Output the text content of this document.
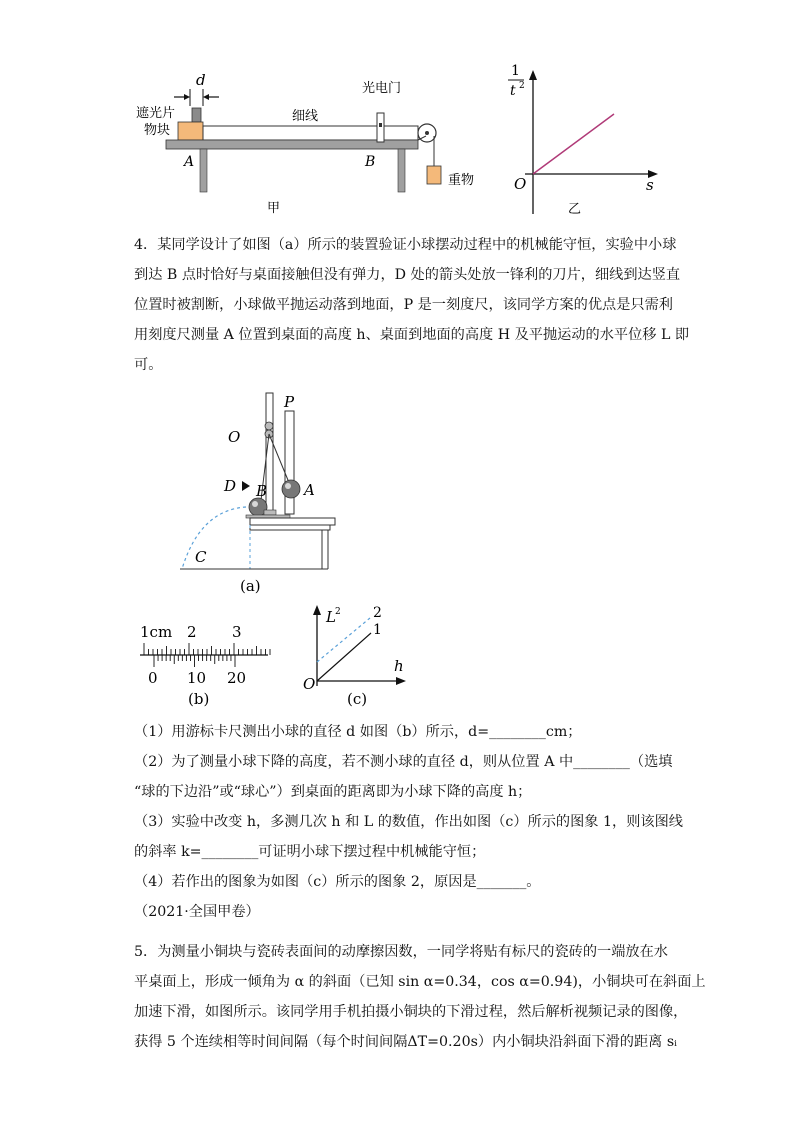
d
遮光片
物块
A	B
细线
光电门
重物
甲
1
t 2
O	s
乙
4．某同学设计了如图（a）所示的装置验证小球摆动过程中的机械能守恒，实验中小球
到达 B 点时恰好与桌面接触但没有弹力，D 处的箭头处放一锋利的刀片，细线到达竖直
位置时被割断，小球做平抛运动落到地面，P 是一刻度尺，该同学方案的优点是只需利
用刻度尺测量 A 位置到桌面的高度 h、桌面到地面的高度 H 及平抛运动的水平位移 L 即
可。
P
O
D	A
B
C
(a)
1cm 2 3
0 10 20
(b)
L 2
h
O
2
1
(c)
（1）用游标卡尺测出小球的直径 d 如图（b）所示，d=________cm；
（2）为了测量小球下降的高度，若不测小球的直径 d，则从位置 A 中________（选填
“球的下边沿”或“球心”）到桌面的距离即为小球下降的高度 h；
（3）实验中改变 h，多测几次 h 和 L 的数值，作出如图（c）所示的图象 1，则该图线
的斜率 k=________可证明小球下摆过程中机械能守恒；
（4）若作出的图象为如图（c）所示的图象 2，原因是_______。
（2021·全国甲卷）
5．为测量小铜块与瓷砖表面间的动摩擦因数，一同学将贴有标尺的瓷砖的一端放在水
平桌面上，形成一倾角为 α 的斜面（已知 sin α=0.34，cos α=0.94)，小铜块可在斜面上
加速下滑，如图所示。该同学用手机拍摄小铜块的下滑过程，然后解析视频记录的图像，
获得 5 个连续相等时间间隔（每个时间间隔ΔT=0.20s）内小铜块沿斜面下滑的距离 sᵢ
